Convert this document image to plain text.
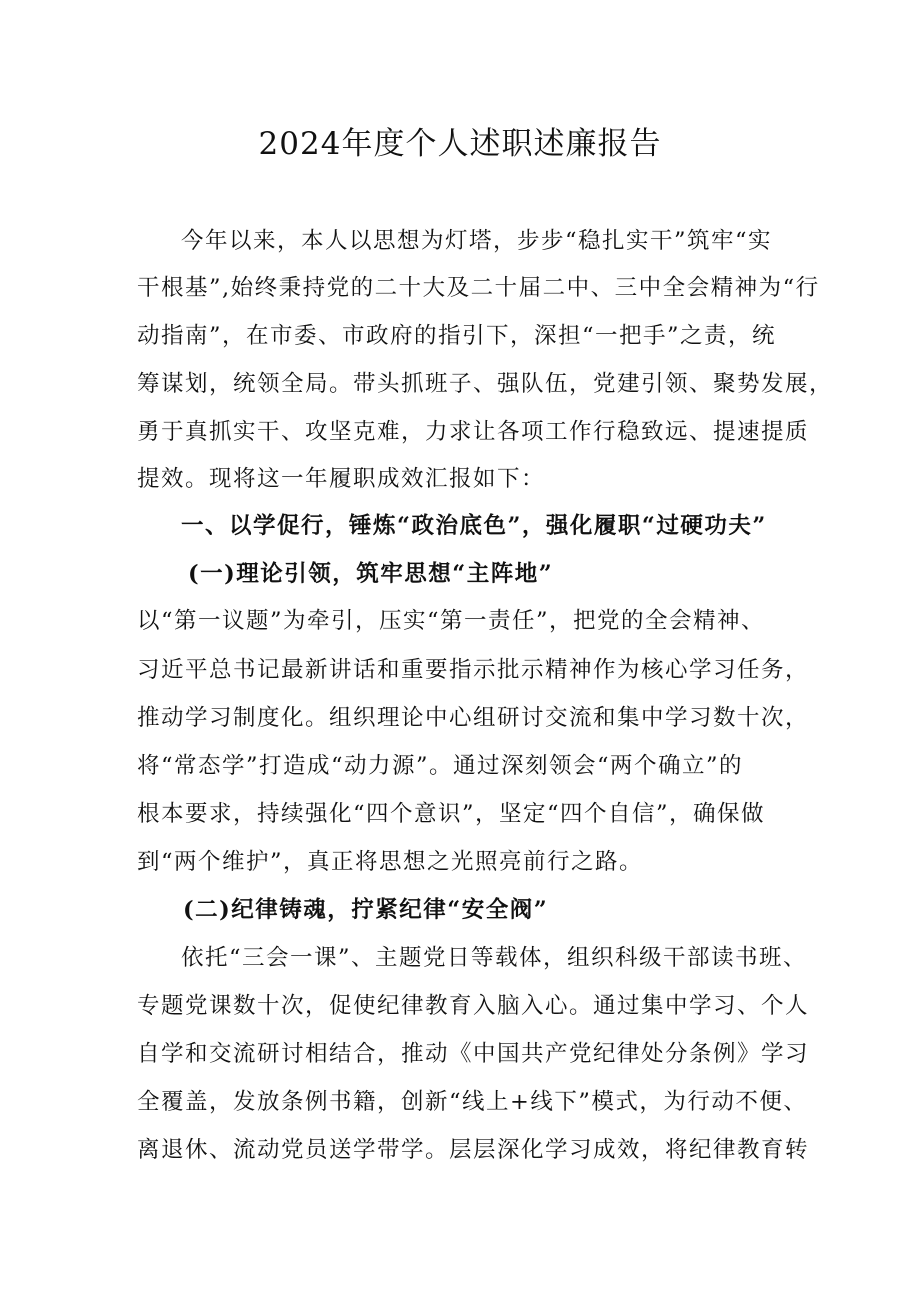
2024年度个人述职述廉报告

今年以来，本人以思想为灯塔，步步“稳扎实干”筑牢“实

干根基”,始终秉持党的二十大及二十届二中、三中全会精神为“行

动指南”，在市委、市政府的指引下，深担“一把手”之责，统

筹谋划，统领全局。带头抓班子、强队伍，党建引领、聚势发展，

勇于真抓实干、攻坚克难，力求让各项工作行稳致远、提速提质

提效。现将这一年履职成效汇报如下：

一、以学促行，锤炼“政治底色”，强化履职“过硬功夫”

(一)理论引领，筑牢思想“主阵地”

以“第一议题”为牵引，压实“第一责任”，把党的全会精神、

习近平总书记最新讲话和重要指示批示精神作为核心学习任务，

推动学习制度化。组织理论中心组研讨交流和集中学习数十次，

将“常态学”打造成“动力源”。通过深刻领会“两个确立”的

根本要求，持续强化“四个意识”，坚定“四个自信”，确保做

到“两个维护”，真正将思想之光照亮前行之路。

(二)纪律铸魂，拧紧纪律“安全阀”

依托“三会一课”、主题党日等载体，组织科级干部读书班、

专题党课数十次，促使纪律教育入脑入心。通过集中学习、个人

自学和交流研讨相结合，推动《中国共产党纪律处分条例》学习

全覆盖，发放条例书籍，创新“线上+线下”模式，为行动不便、

离退休、流动党员送学带学。层层深化学习成效，将纪律教育转
